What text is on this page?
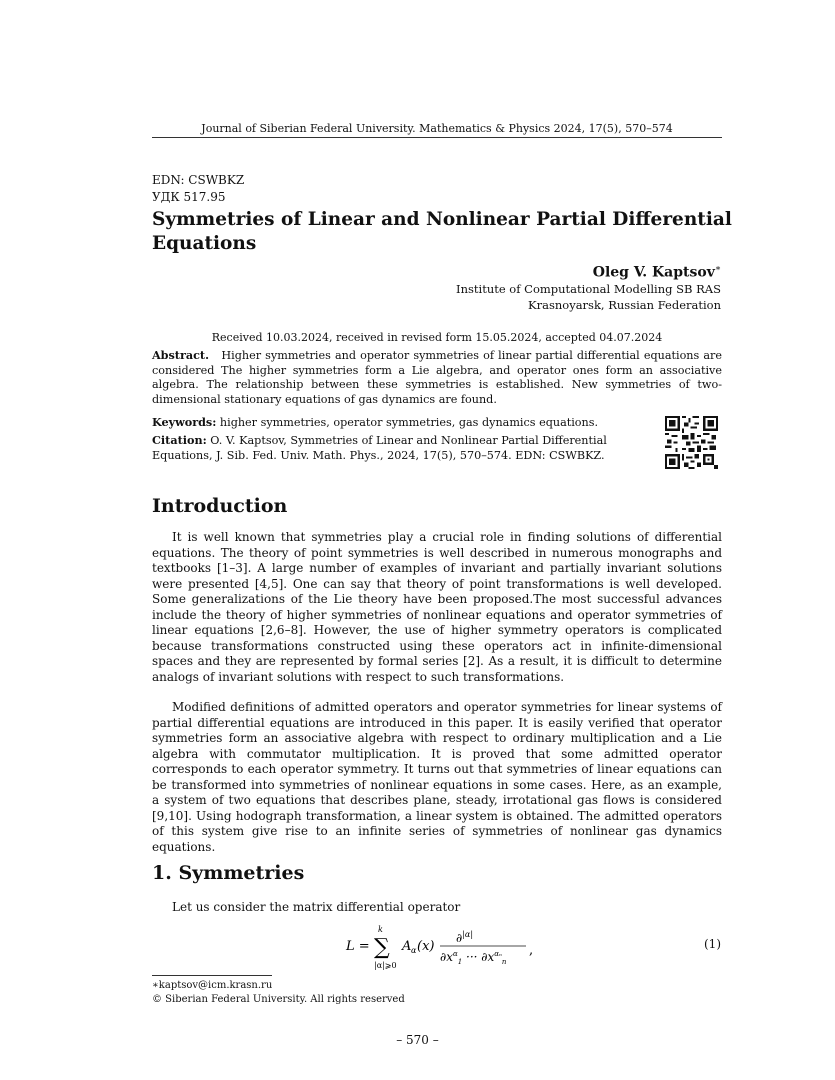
Journal of Siberian Federal University. Mathematics & Physics 2024, 17(5), 570–574
EDN: CSWBKZ
УДК 517.95
Symmetries of Linear and Nonlinear Partial Differential Equations
Oleg V. Kaptsov∗
Institute of Computational Modelling SB RAS
Krasnoyarsk, Russian Federation
Received 10.03.2024, received in revised form 15.05.2024, accepted 04.07.2024
Abstract. Higher symmetries and operator symmetries of linear partial differential equations are considered The higher symmetries form a Lie algebra, and operator ones form an associative algebra. The relationship between these symmetries is established. New symmetries of two-dimensional stationary equations of gas dynamics are found.
Keywords: higher symmetries, operator symmetries, gas dynamics equations.
Citation: O. V. Kaptsov, Symmetries of Linear and Nonlinear Partial Differential Equations, J. Sib. Fed. Univ. Math. Phys., 2024, 17(5), 570–574. EDN: CSWBKZ.
Introduction
It is well known that symmetries play a crucial role in finding solutions of differential equations. The theory of point symmetries is well described in numerous monographs and textbooks [1–3]. A large number of examples of invariant and partially invariant solutions were presented [4,5]. One can say that theory of point transformations is well developed. Some generalizations of the Lie theory have been proposed.The most successful advances include the theory of higher symmetries of nonlinear equations and operator symmetries of linear equations [2,6–8]. However, the use of higher symmetry operators is complicated because transformations constructed using these operators act in infinite-dimensional spaces and they are represented by formal series [2]. As a result, it is difficult to determine analogs of invariant solutions with respect to such transformations.
Modified definitions of admitted operators and operator symmetries for linear systems of partial differential equations are introduced in this paper. It is easily verified that operator symmetries form an associative algebra with respect to ordinary multiplication and a Lie algebra with commutator multiplication. It is proved that some admitted operator corresponds to each operator symmetry. It turns out that symmetries of linear equations can be transformed into symmetries of nonlinear equations in some cases. Here, as an example, a system of two equations that describes plane, steady, irrotational gas flows is considered [9,10]. Using hodograph transformation, a linear system is obtained. The admitted operators of this system give rise to an infinite series of symmetries of nonlinear gas dynamics equations.
1. Symmetries
Let us consider the matrix differential operator
L = ∑
k
|α|⩾0
A α (x)
∂$^{|\alpha|}$
$\partial x^\alpha_1$ ··· $\partial x^{\alpha_n}_n$
,	(1)
∗kaptsov@icm.krasn.ru
© Siberian Federal University. All rights reserved
– 570 –
